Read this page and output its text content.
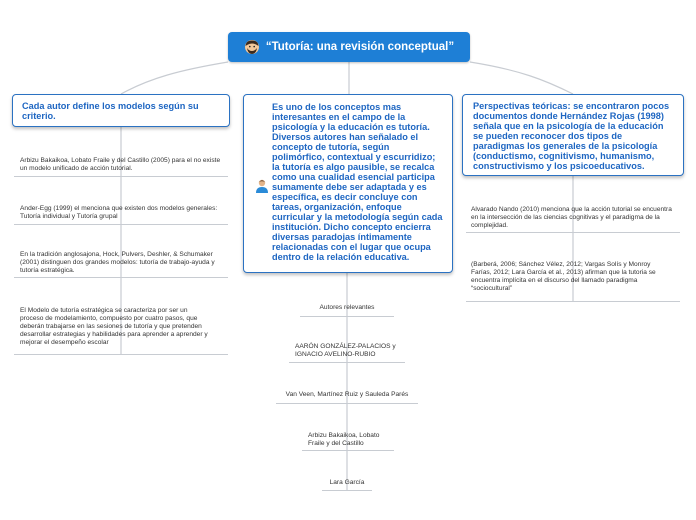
“Tutoría: una revisión conceptual”
Cada autor define los modelos según su criterio.
Es uno de los conceptos mas interesantes en el campo de la psicología y la educación es tutoría. Diversos autores han señalado el concepto de tutoría, según polimórfico, contextual y escurridizo; la tutoría es algo pausible, se recalca como una cualidad esencial participa sumamente debe ser adaptada y es específica, es decir concluye con tareas, organización, enfoque curricular y la metodología según cada institución. Dicho concepto encierra diversas paradojas íntimamente relacionadas con el lugar que ocupa dentro de la relación educativa.
Perspectivas teóricas: se encontraron pocos documentos donde Hernández Rojas (1998) señala que en la psicología de la educación se pueden reconocer dos tipos de paradigmas los generales de la psicología (conductismo, cognitivismo, humanismo, constructivismo y los psicoeducativos.
Arbizu Bakaikoa, Lobato Fraile y del Castillo (2005) para el no existe un modelo unificado de acción tutorial.
Ander-Egg (1999) el menciona que existen dos modelos generales: Tutoría individual y Tutoría grupal
En la tradición anglosajona, Hock, Pulvers, Deshler, & Schumaker (2001) distinguen dos grandes modelos: tutoría de trabajo-ayuda y tutoría estratégica.
El Modelo de tutoría estratégica se caracteriza por ser un proceso de modelamiento, compuesto por cuatro pasos, que deberán trabajarse en las sesiones de tutoría y que pretenden desarrollar estrategias y habilidades para aprender a aprender y mejorar el desempeño escolar
Autores relevantes
AARÓN GONZÁLEZ-PALACIOS y IGNACIO AVELINO-RUBIO
Van Veen, Martínez Ruiz y Sauleda Parés
Arbizu Bakaikoa, Lobato Fraile y del Castillo
Lara García
Alvarado Nando (2010) menciona que la acción tutorial se encuentra en la intersección de las ciencias cognitivas y el paradigma de la complejidad.
(Barberá, 2006; Sánchez Vélez, 2012; Vargas Solís y Monroy Farías, 2012; Lara García et al., 2013) afirman que la tutoria se encuentra implícita en el discurso del llamado paradigma “sociocultural”
